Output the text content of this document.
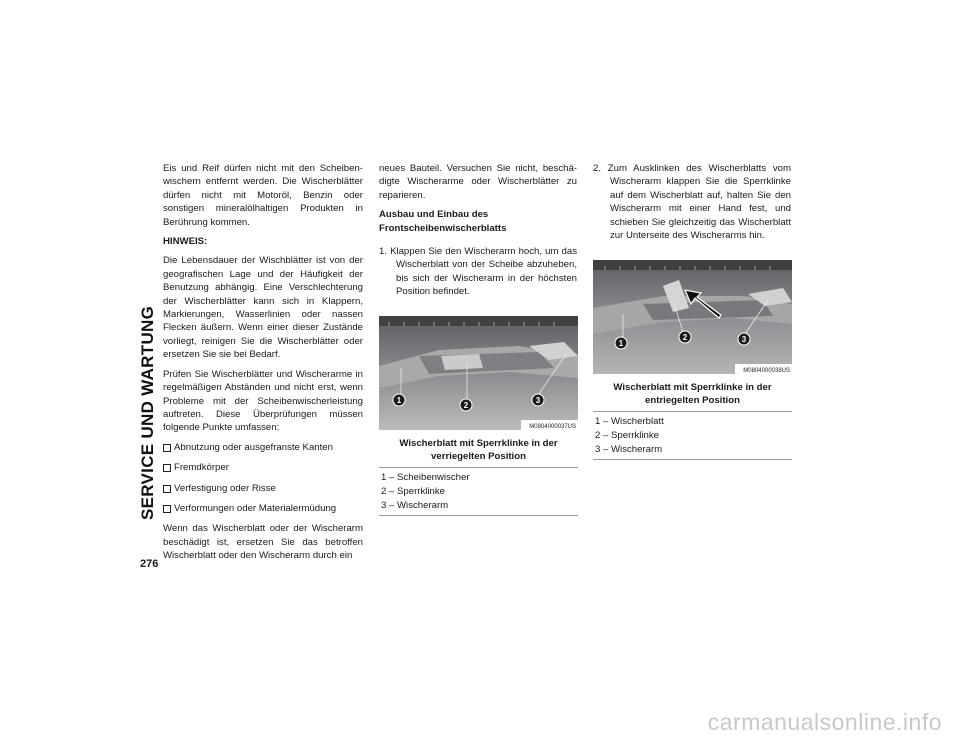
SERVICE UND WARTUNG
276

Eis und Reif dürfen nicht mit den Scheibenwischern entfernt werden. Die Wischerblätter dürfen nicht mit Motoröl, Benzin oder sonstigen mineralölhaltigen Produkten in Berührung kommen.

HINWEIS:

Die Lebensdauer der Wischblätter ist von der geografischen Lage und der Häufigkeit der Benutzung abhängig. Eine Verschlechterung der Wischerblätter kann sich in Klappern, Markierungen, Wasserlinien oder nassen Flecken äußern. Wenn einer dieser Zustände vorliegt, reinigen Sie die Wischerblätter oder ersetzen Sie sie bei Bedarf.

Prüfen Sie Wischerblätter und Wischerarme in regelmäßigen Abständen und nicht erst, wenn Probleme mit der Scheibenwischerleistung auftreten. Diese Überprüfungen müssen folgende Punkte umfassen:

Abnutzung oder ausgefranste Kanten
Fremdkörper
Verfestigung oder Risse
Verformungen oder Materialermüdung

Wenn das Wischerblatt oder der Wischerarm beschädigt ist, ersetzen Sie das betroffen Wischerblatt oder den Wischerarm durch ein

neues Bauteil. Versuchen Sie nicht, beschädigte Wischerarme oder Wischerblätter zu reparieren.

Ausbau und Einbau des
Frontscheibenwischerblatts

1. Klappen Sie den Wischerarm hoch, um das Wischerblatt von der Scheibe abzuheben, bis sich der Wischerarm in der höchsten Position befindet.

1
2
3
M0804000037US
Wischerblatt mit Sperrklinke in der verriegelten Position
1 – Scheibenwischer
2 – Sperrklinke
3 – Wischerarm

2. Zum Ausklinken des Wischerblatts vom Wischerarm klappen Sie die Sperrklinke auf dem Wischerblatt auf, halten Sie den Wischerarm mit einer Hand fest, und schieben Sie gleichzeitig das Wischerblatt zur Unterseite des Wischerarms hin.

1
2	3
M0804000038US
Wischerblatt mit Sperrklinke in der entriegelten Position
1 – Wischerblatt
2 – Sperrklinke
3 – Wischerarm
carmanualsonline.info
